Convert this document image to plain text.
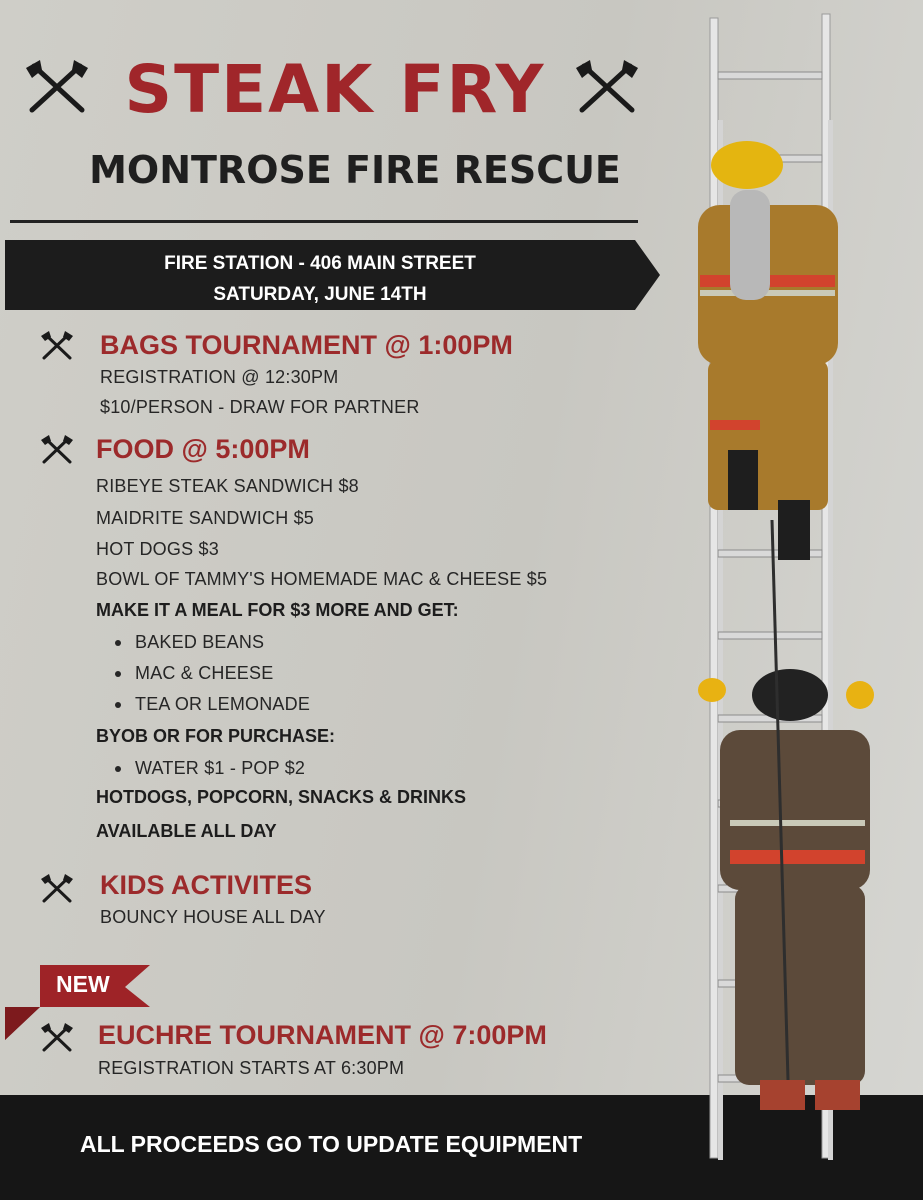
STEAK FRY
MONTROSE FIRE RESCUE
FIRE STATION - 406 MAIN STREET
SATURDAY, JUNE 14TH
BAGS TOURNAMENT @ 1:00PM
REGISTRATION @ 12:30PM
$10/PERSON - DRAW FOR PARTNER
FOOD @ 5:00PM
RIBEYE STEAK SANDWICH $8
MAIDRITE SANDWICH $5
HOT DOGS $3
BOWL OF TAMMY'S HOMEMADE MAC & CHEESE $5
MAKE IT A MEAL FOR $3 MORE AND GET:
BAKED BEANS
MAC & CHEESE
TEA OR LEMONADE
BYOB OR FOR PURCHASE:
WATER $1 - POP $2
HOTDOGS, POPCORN, SNACKS & DRINKS
AVAILABLE ALL DAY
KIDS ACTIVITES
BOUNCY HOUSE ALL DAY
NEW
EUCHRE TOURNAMENT @ 7:00PM
REGISTRATION STARTS AT 6:30PM
ALL PROCEEDS GO TO UPDATE EQUIPMENT
